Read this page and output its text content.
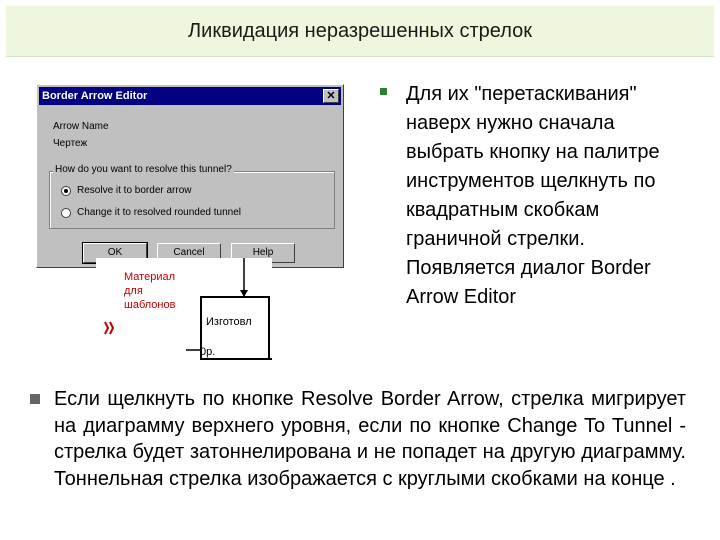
Ликвидация неразрешенных стрелок
Border Arrow Editor	✕
Arrow Name
Чертеж
How do you want to resolve this tunnel?
Resolve it to border arrow
Change it to resolved rounded tunnel
OK	Cancel	Help
Материал
для
шаблонов
Изготовл
0р.
Для их "перетаскивания" наверх нужно сначала выбрать кнопку на палитре инструментов щелкнуть по квадратным скобкам граничной стрелки. Появляется диалог Border Arrow Editor
Если щелкнуть по кнопке Resolve Border Arrow, стрелка мигрирует на диаграмму верхнего уровня, если по кнопке Change To Tunnel - стрелка будет затоннелирована и не попадет на другую диаграмму. Тоннельная стрелка изображается с круглыми скобками на конце .
